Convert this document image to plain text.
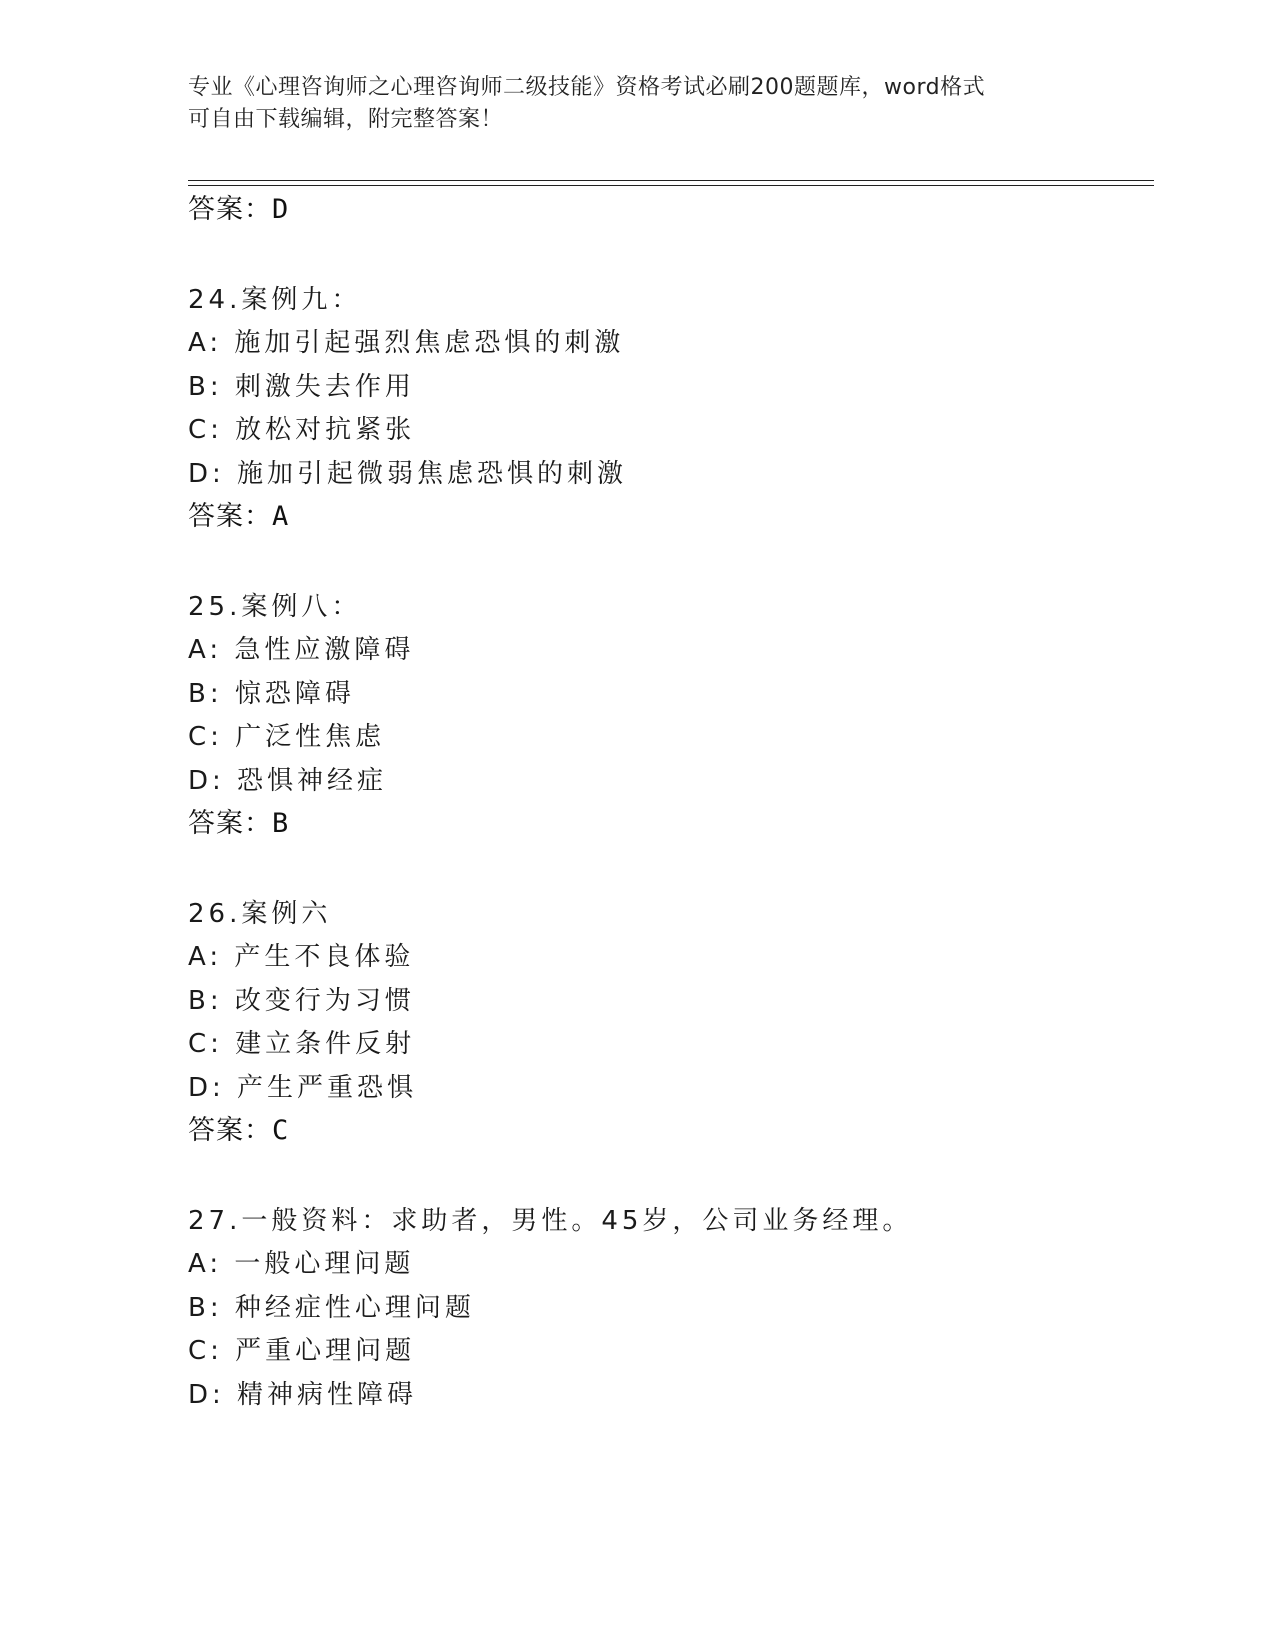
专业《心理咨询师之心理咨询师二级技能》资格考试必刷200题题库，word格式
可自由下载编辑，附完整答案！
答案：D
24.案例九：
A: 施加引起强烈焦虑恐惧的刺激
B: 刺激失去作用
C: 放松对抗紧张
D: 施加引起微弱焦虑恐惧的刺激
答案：A
25.案例八：
A: 急性应激障碍
B: 惊恐障碍
C: 广泛性焦虑
D: 恐惧神经症
答案：B
26.案例六
A: 产生不良体验
B: 改变行为习惯
C: 建立条件反射
D: 产生严重恐惧
答案：C
27.一般资料：求助者，男性。45岁，公司业务经理。
A: 一般心理问题
B: 种经症性心理问题
C: 严重心理问题
D: 精神病性障碍
